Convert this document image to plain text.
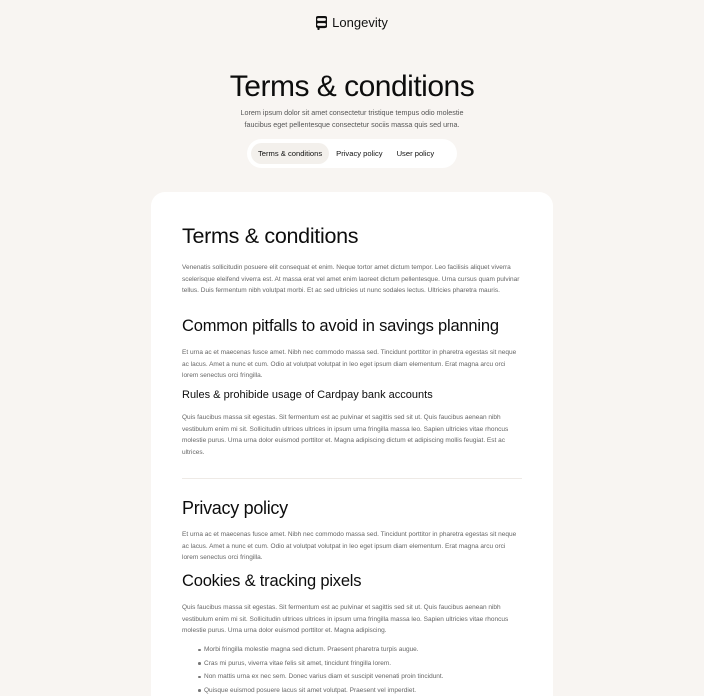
Longevity
Terms & conditions

Lorem ipsum dolor sit amet consectetur tristique tempus odio molestie faucibus eget pellentesque consectetur sociis massa quis sed urna.

Terms & conditions	Privacy policy	User policy
Terms & conditions

Venenatis sollicitudin posuere elit consequat et enim. Neque tortor amet dictum tempor. Leo facilisis aliquet viverra scelerisque eleifend viverra est. At massa erat vel amet enim laoreet dictum pellentesque. Urna cursus quam pulvinar tellus. Duis fermentum nibh volutpat morbi. Et ac sed ultricies ut nunc sodales lectus. Ultricies pharetra mauris.

Common pitfalls to avoid in savings planning

Et urna ac et maecenas fusce amet. Nibh nec commodo massa sed. Tincidunt porttitor in pharetra egestas sit neque ac lacus. Amet a nunc et cum. Odio at volutpat volutpat in leo eget ipsum diam elementum. Erat magna arcu orci lorem senectus orci fringilla.

Rules & prohibide usage of Cardpay bank accounts

Quis faucibus massa sit egestas. Sit fermentum est ac pulvinar et sagittis sed sit ut. Quis faucibus aenean nibh vestibulum enim mi sit. Sollicitudin ultrices ultrices in ipsum urna fringilla massa leo. Sapien ultricies vitae rhoncus molestie purus. Urna urna dolor euismod porttitor et. Magna adipiscing dictum et adipiscing mollis feugiat. Est ac ultrices.

Privacy policy

Et urna ac et maecenas fusce amet. Nibh nec commodo massa sed. Tincidunt porttitor in pharetra egestas sit neque ac lacus. Amet a nunc et cum. Odio at volutpat volutpat in leo eget ipsum diam elementum. Erat magna arcu orci lorem senectus orci fringilla.

Cookies & tracking pixels

Quis faucibus massa sit egestas. Sit fermentum est ac pulvinar et sagittis sed sit ut. Quis faucibus aenean nibh vestibulum enim mi sit. Sollicitudin ultrices ultrices in ipsum urna fringilla massa leo. Sapien ultricies vitae rhoncus molestie purus. Urna urna dolor euismod porttitor et. Magna adipiscing.

Morbi fringilla molestie magna sed dictum. Praesent pharetra turpis augue.
Cras mi purus, viverra vitae felis sit amet, tincidunt fringilla lorem.
Non mattis urna ex nec sem. Donec varius diam et suscipit venenati proin tincidunt.
Quisque euismod posuere lacus sit amet volutpat. Praesent vel imperdiet.
